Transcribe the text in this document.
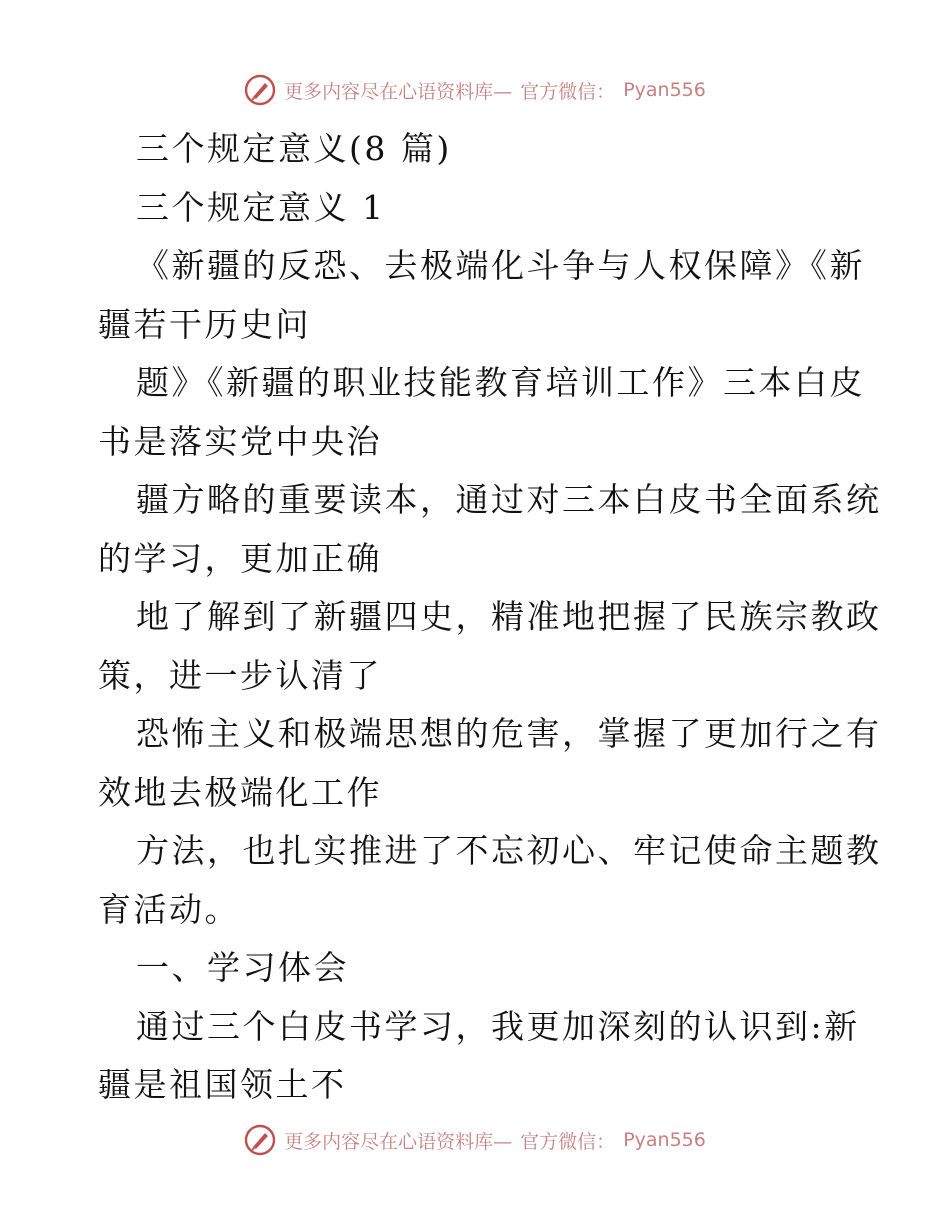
更多内容尽在心语资料库— 官方微信： Pyan556
三个规定意义(8 篇)
三个规定意义 1
《新疆的反恐、去极端化斗争与人权保障》《新
疆若干历史问
题》《新疆的职业技能教育培训工作》三本白皮
书是落实党中央治
疆方略的重要读本，通过对三本白皮书全面系统
的学习，更加正确
地了解到了新疆四史，精准地把握了民族宗教政
策，进一步认清了
恐怖主义和极端思想的危害，掌握了更加行之有
效地去极端化工作
方法，也扎实推进了不忘初心、牢记使命主题教
育活动。
一、学习体会
通过三个白皮书学习，我更加深刻的认识到:新
疆是祖国领土不
更多内容尽在心语资料库— 官方微信： Pyan556
